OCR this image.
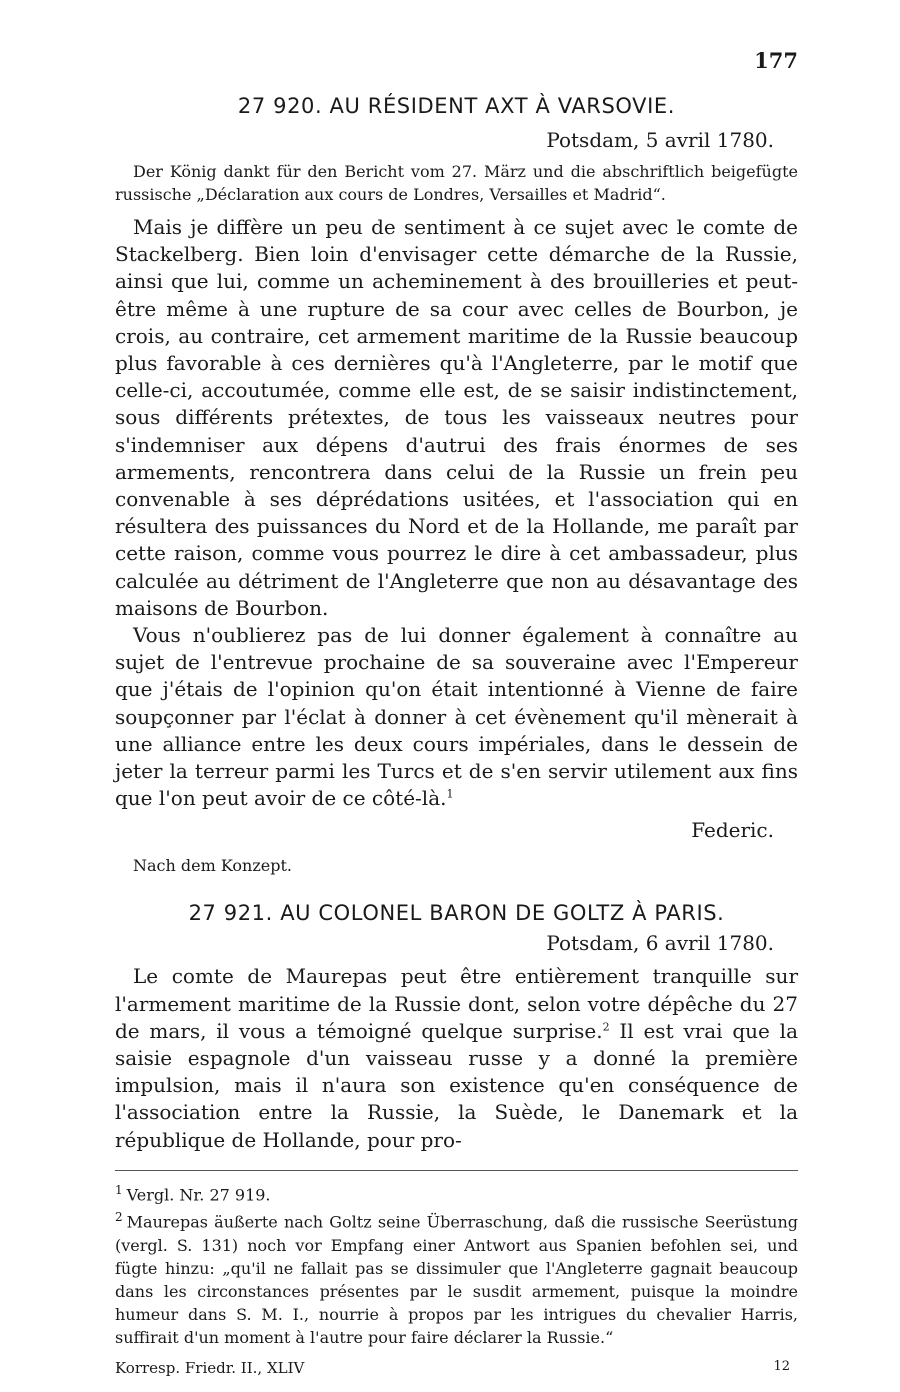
177
27 920. AU RÉSIDENT AXT À VARSOVIE.
Potsdam, 5 avril 1780.
Der König dankt für den Bericht vom 27. März und die abschriftlich beigefügte russische „Déclaration aux cours de Londres, Versailles et Madrid“.

Mais je diffère un peu de sentiment à ce sujet avec le comte de Stackelberg. Bien loin d'envisager cette démarche de la Russie, ainsi que lui, comme un acheminement à des brouilleries et peut-être même à une rupture de sa cour avec celles de Bourbon, je crois, au contraire, cet armement maritime de la Russie beaucoup plus favorable à ces dernières qu'à l'Angleterre, par le motif que celle-ci, accoutumée, comme elle est, de se saisir indistinctement, sous différents prétextes, de tous les vaisseaux neutres pour s'indemniser aux dépens d'autrui des frais énormes de ses armements, rencontrera dans celui de la Russie un frein peu convenable à ses déprédations usitées, et l'association qui en résultera des puissances du Nord et de la Hollande, me paraît par cette raison, comme vous pourrez le dire à cet ambassadeur, plus calculée au détriment de l'Angleterre que non au désavantage des maisons de Bourbon.

Vous n'oublierez pas de lui donner également à connaître au sujet de l'entrevue prochaine de sa souveraine avec l'Empereur que j'étais de l'opinion qu'on était intentionné à Vienne de faire soupçonner par l'éclat à donner à cet évènement qu'il mènerait à une alliance entre les deux cours impériales, dans le dessein de jeter la terreur parmi les Turcs et de s'en servir utilement aux fins que l'on peut avoir de ce côté-là.$^1$

Federic.
Nach dem Konzept.
27 921. AU COLONEL BARON DE GOLTZ À PARIS.
Potsdam, 6 avril 1780.

Le comte de Maurepas peut être entièrement tranquille sur l'armement maritime de la Russie dont, selon votre dépêche du 27 de mars, il vous a témoigné quelque surprise.$^2$ Il est vrai que la saisie espagnole d'un vaisseau russe y a donné la première impulsion, mais il n'aura son existence qu'en conséquence de l'association entre la Russie, la Suède, le Danemark et la république de Hollande, pour pro-

$^1$ Vergl. Nr. 27 919.
$^2$ Maurepas äußerte nach Goltz seine Überraschung, daß die russische Seerüstung (vergl. S. 131) noch vor Empfang einer Antwort aus Spanien befohlen sei, und fügte hinzu: „qu'il ne fallait pas se dissimuler que l'Angleterre gagnait beaucoup dans les circonstances présentes par le susdit armement, puisque la moindre humeur dans S. M. I., nourrie à propos par les intrigues du chevalier Harris, suffirait d'un moment à l'autre pour faire déclarer la Russie.“
Korresp. Friedr. II., XLIV	12
